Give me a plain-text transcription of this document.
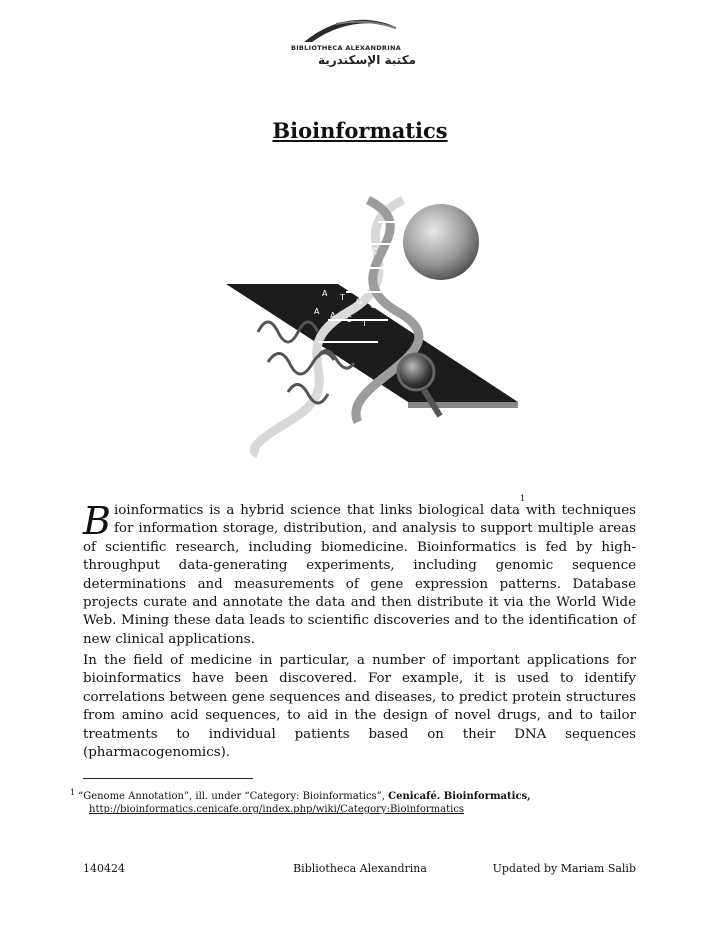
BIBLIOTHECA ALEXANDRINA
مكتبة الإسكندرية
Bioinformatics
C
G
A
T
A T G C
A A C T
1

Bioinformatics is a hybrid science that links biological data with techniques for information storage, distribution, and analysis to support multiple areas of scientific research, including biomedicine. Bioinformatics is fed by high-throughput data-generating experiments, including genomic sequence determinations and measurements of gene expression patterns. Database projects curate and annotate the data and then distribute it via the World Wide Web. Mining these data leads to scientific discoveries and to the identification of new clinical applications.

In the field of medicine in particular, a number of important applications for bioinformatics have been discovered. For example, it is used to identify correlations between gene sequences and diseases, to predict protein structures from amino acid sequences, to aid in the design of novel drugs, and to tailor treatments to individual patients based on their DNA sequences (pharmacogenomics).

$^1$ “Genome Annotation”, ill. under “Category: Bioinformatics”, Cenicafé. Bioinformatics,
http://bioinformatics.cenicafe.org/index.php/wiki/Category:Bioinformatics
140424	Bibliotheca Alexandrina	Updated by Mariam Salib
